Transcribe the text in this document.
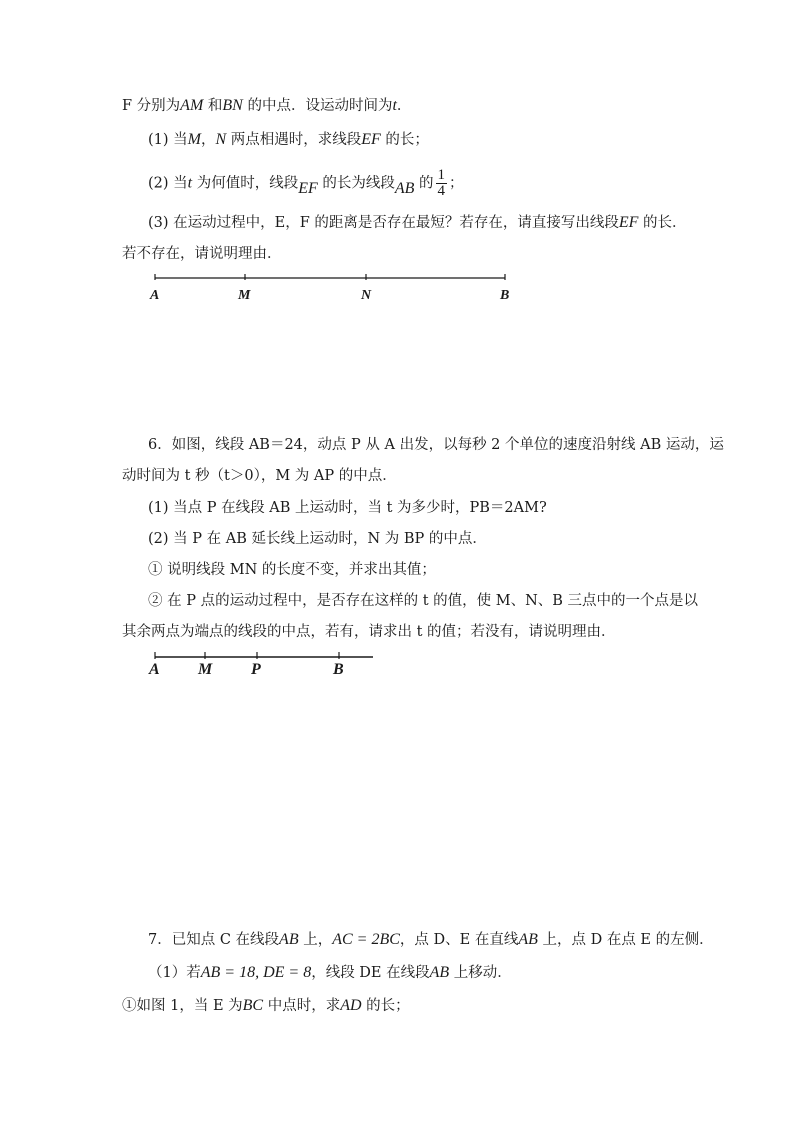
F 分别为AM 和BN 的中点．设运动时间为t．
(1) 当M，N 两点相遇时，求线段EF 的长；
(2) 当t 为何值时，线段EF 的长为线段AB 的 $\frac{1}{4}$ ；
(3) 在运动过程中，E，F 的距离是否存在最短？若存在，请直接写出线段EF 的长．
若不存在，请说明理由．
A	M	N	B
6．如图，线段 AB＝24，动点 P 从 A 出发，以每秒 2 个单位的速度沿射线 AB 运动，运
动时间为 t 秒（t＞0），M 为 AP 的中点．
(1) 当点 P 在线段 AB 上运动时，当 t 为多少时，PB＝2AM?
(2) 当 P 在 AB 延长线上运动时，N 为 BP 的中点．
① 说明线段 MN 的长度不变，并求出其值；
② 在 P 点的运动过程中，是否存在这样的 t 的值，使 M、N、B 三点中的一个点是以
其余两点为端点的线段的中点，若有，请求出 t 的值；若没有，请说明理由．
A M P	B
7．已知点 C 在线段AB 上，AC = 2BC，点 D、E 在直线AB 上，点 D 在点 E 的左侧．
（1）若AB = 18, DE = 8，线段 DE 在线段AB 上移动．
①如图 1，当 E 为BC 中点时，求AD 的长；
